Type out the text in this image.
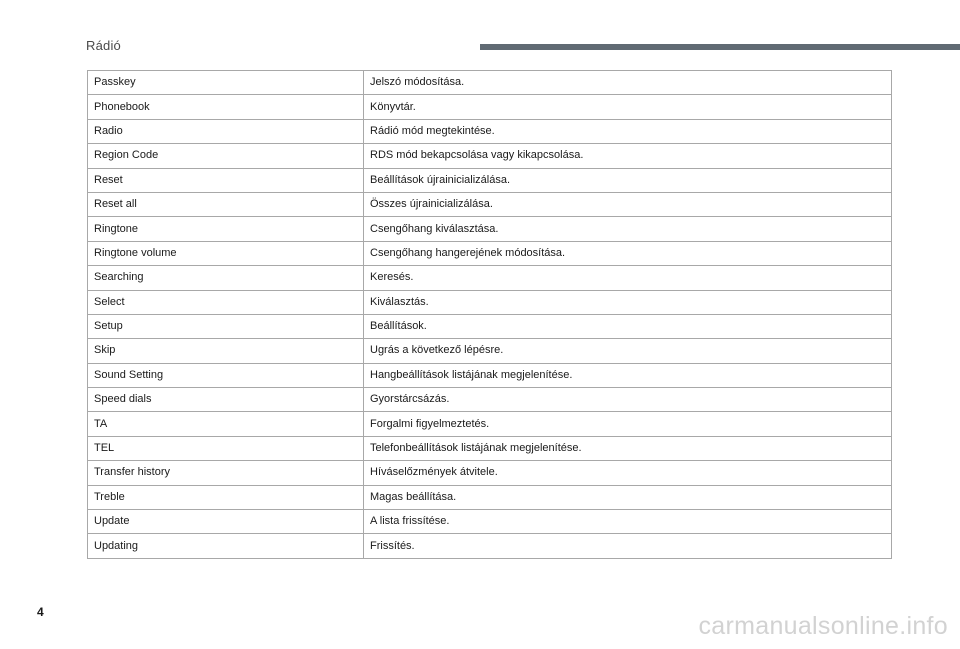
Rádió
Passkey	Jelszó módosítása.
Phonebook	Könyvtár.
Radio	Rádió mód megtekintése.
Region Code	RDS mód bekapcsolása vagy kikapcsolása.
Reset	Beállítások újrainicializálása.
Reset all	Összes újrainicializálása.
Ringtone	Csengőhang kiválasztása.
Ringtone volume	Csengőhang hangerejének módosítása.
Searching	Keresés.
Select	Kiválasztás.
Setup	Beállítások.
Skip	Ugrás a következő lépésre.
Sound Setting	Hangbeállítások listájának megjelenítése.
Speed dials	Gyorstárcsázás.
TA	Forgalmi figyelmeztetés.
TEL	Telefonbeállítások listájának megjelenítése.
Transfer history	Híváselőzmények átvitele.
Treble	Magas beállítása.
Update	A lista frissítése.
Updating	Frissítés.
4	carmanualsonline.info
